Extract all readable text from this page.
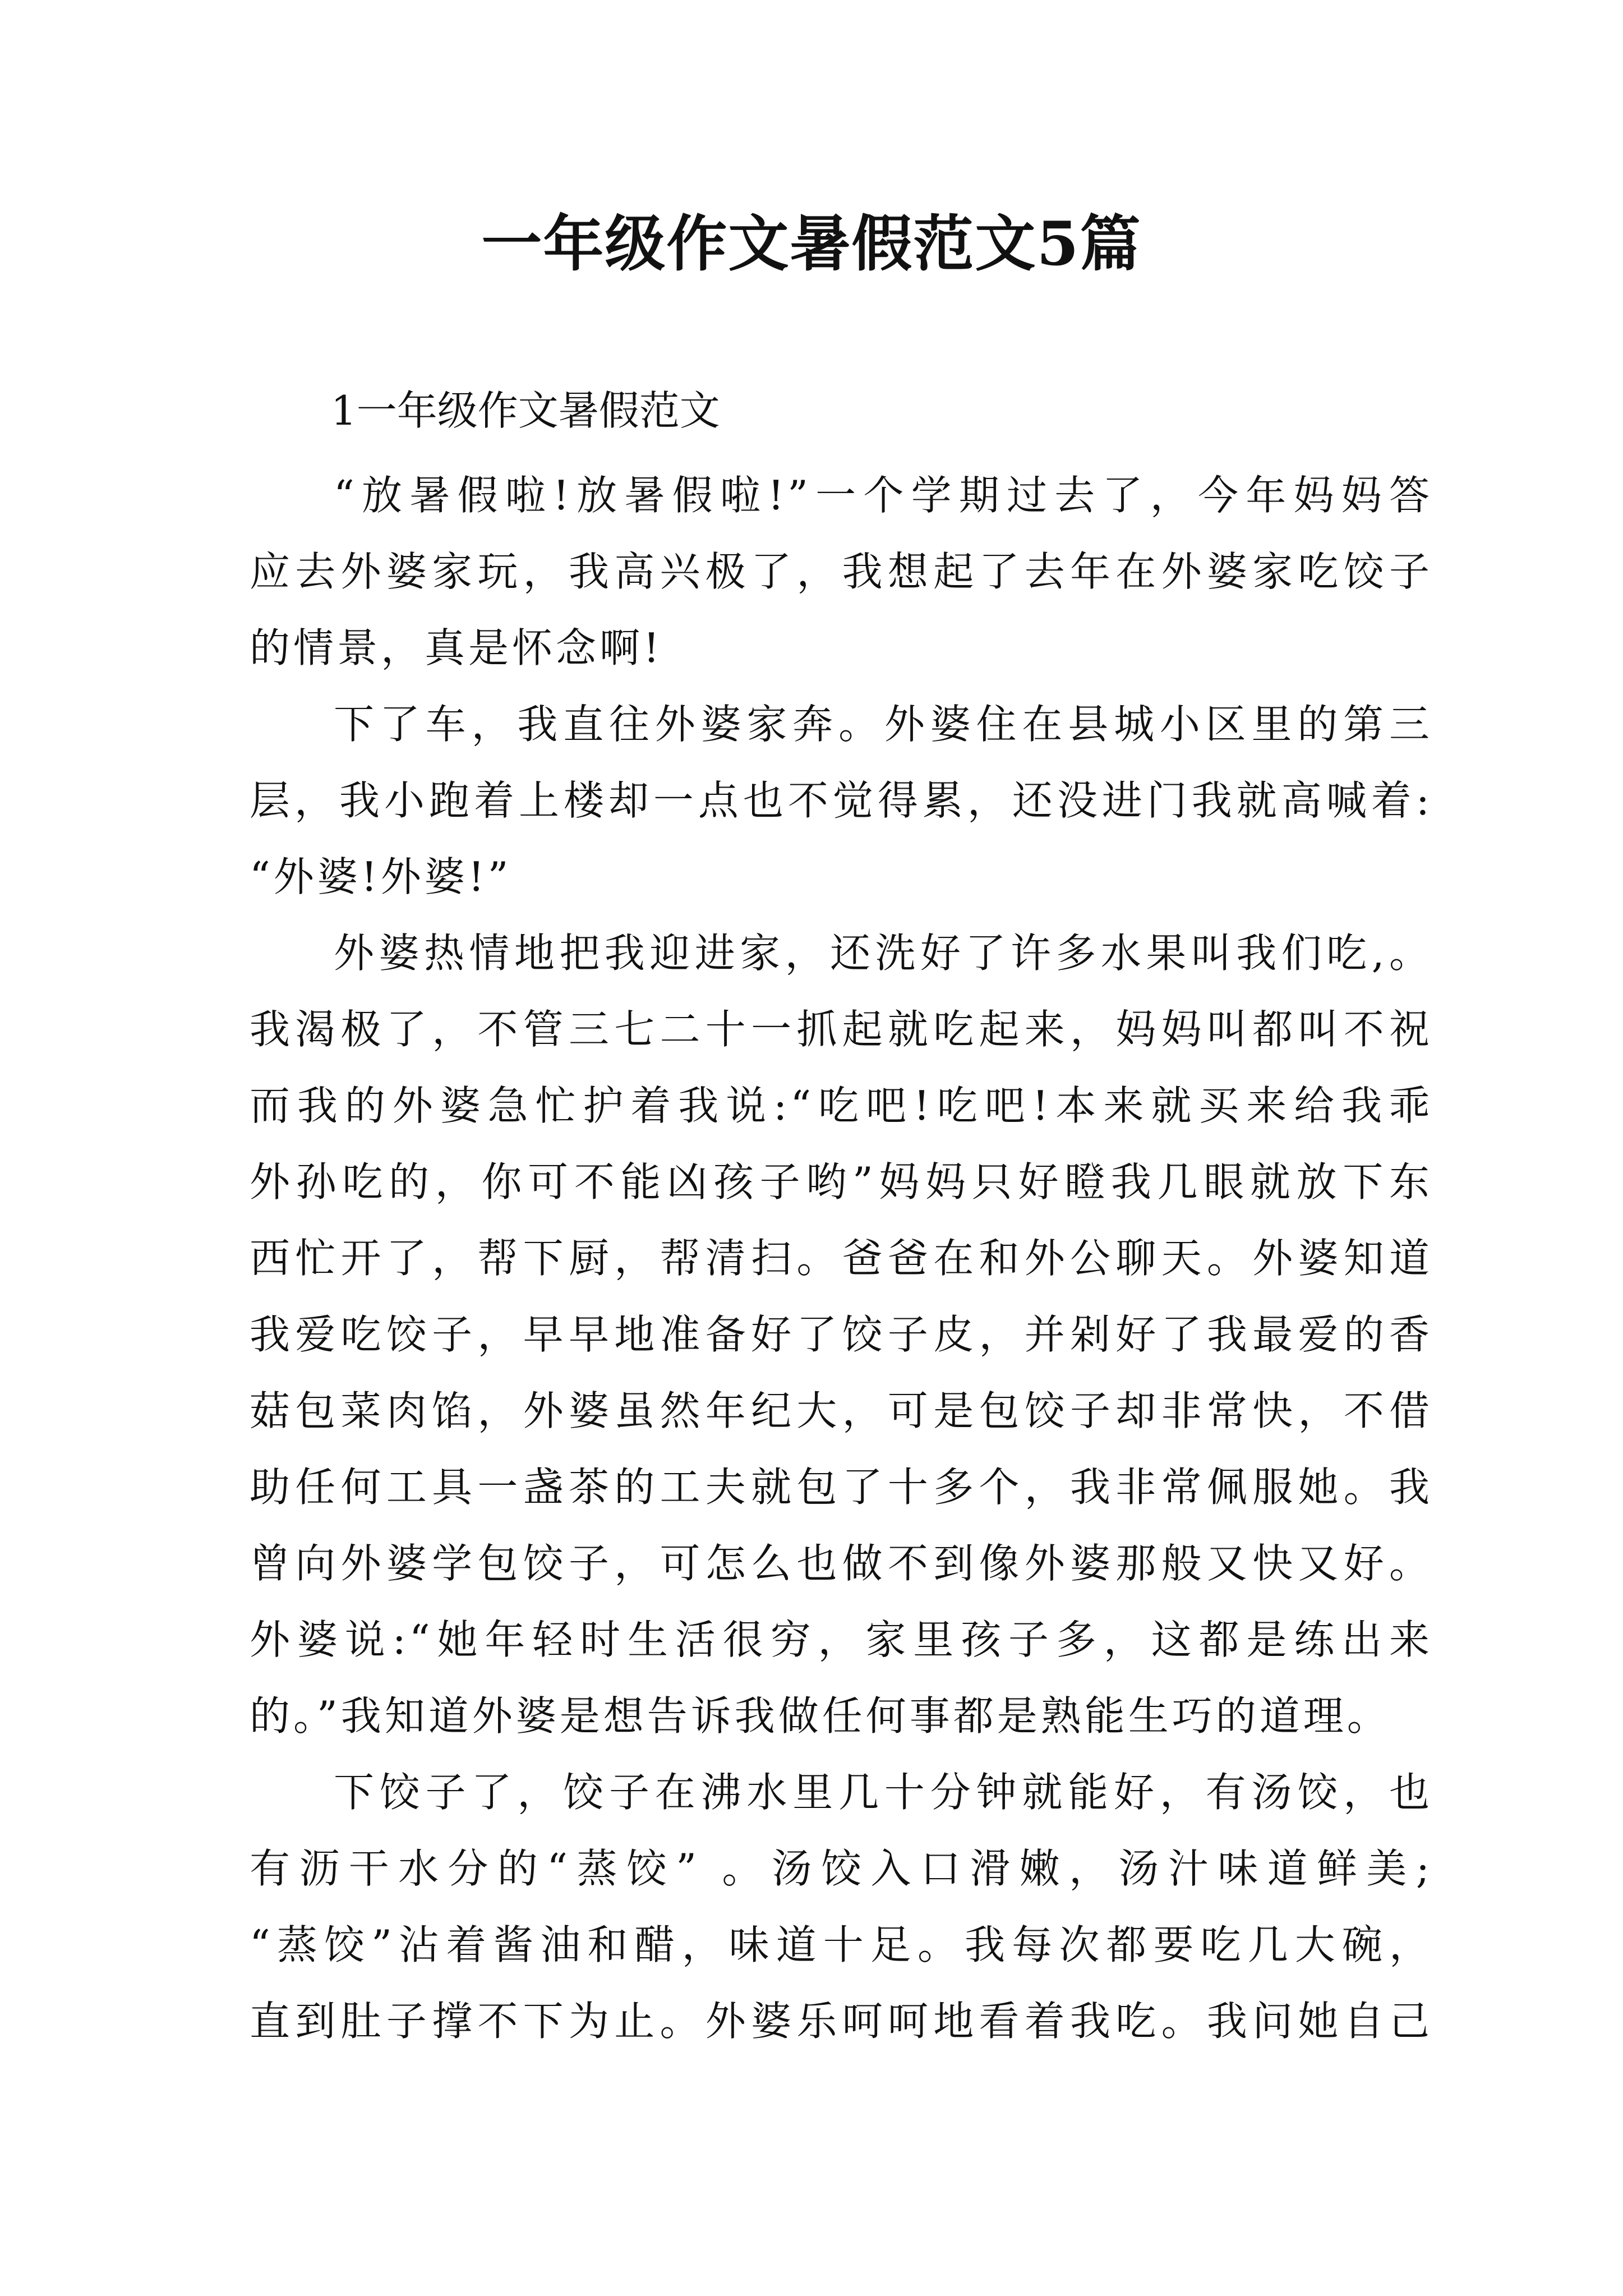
一年级作文暑假范文5篇

1一年级作文暑假范文

“放暑假啦!放暑假啦!”一个学期过去了，今年妈妈答
应去外婆家玩，我高兴极了，我想起了去年在外婆家吃饺子
的情景，真是怀念啊!
下了车，我直往外婆家奔。外婆住在县城小区里的第三
层，我小跑着上楼却一点也不觉得累，还没进门我就高喊着:
“外婆!外婆!”
外婆热情地把我迎进家，还洗好了许多水果叫我们吃,。
我渴极了，不管三七二十一抓起就吃起来，妈妈叫都叫不祝
而我的外婆急忙护着我说:“吃吧!吃吧!本来就买来给我乖
外孙吃的，你可不能凶孩子哟”妈妈只好瞪我几眼就放下东
西忙开了，帮下厨，帮清扫。爸爸在和外公聊天。外婆知道
我爱吃饺子，早早地准备好了饺子皮，并剁好了我最爱的香
菇包菜肉馅，外婆虽然年纪大，可是包饺子却非常快，不借
助任何工具一盏茶的工夫就包了十多个，我非常佩服她。我
曾向外婆学包饺子，可怎么也做不到像外婆那般又快又好。
外婆说:“她年轻时生活很穷，家里孩子多，这都是练出来
的。”我知道外婆是想告诉我做任何事都是熟能生巧的道理。
下饺子了，饺子在沸水里几十分钟就能好，有汤饺，也
有沥干水分的“蒸饺” 。汤饺入口滑嫩，汤汁味道鲜美;
“蒸饺”沾着酱油和醋，味道十足。我每次都要吃几大碗，
直到肚子撑不下为止。外婆乐呵呵地看着我吃。我问她自己
